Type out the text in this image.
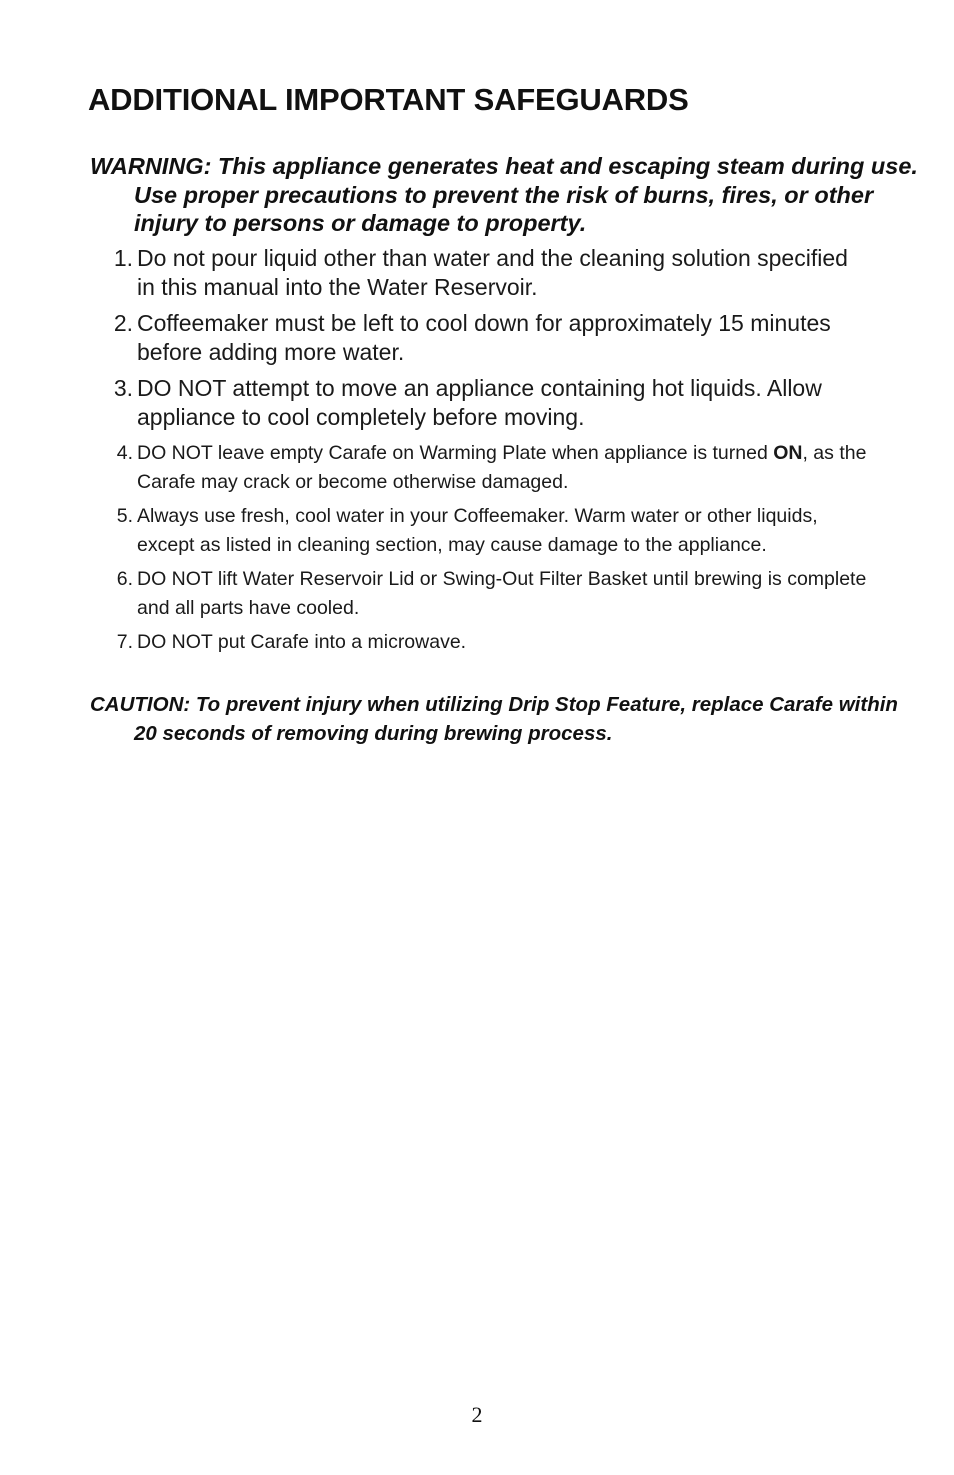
ADDITIONAL IMPORTANT SAFEGUARDS

WARNING: This appliance generates heat and escaping steam during use. Use proper precautions to prevent the risk of burns, fires, or other injury to persons or damage to property.

1. Do not pour liquid other than water and the cleaning solution specified in this manual into the Water Reservoir.
2. Coffeemaker must be left to cool down for approximately 15 minutes before adding more water.
3. DO NOT attempt to move an appliance containing hot liquids. Allow appliance to cool completely before moving.
4. DO NOT leave empty Carafe on Warming Plate when appliance is turned ON, as the Carafe may crack or become otherwise damaged.
5. Always use fresh, cool water in your Coffeemaker. Warm water or other liquids, except as listed in cleaning section, may cause damage to the appliance.
6. DO NOT lift Water Reservoir Lid or Swing-Out Filter Basket until brewing is complete and all parts have cooled.
7. DO NOT put Carafe into a microwave.

CAUTION: To prevent injury when utilizing Drip Stop Feature, replace Carafe within 20 seconds of removing during brewing process.

2
